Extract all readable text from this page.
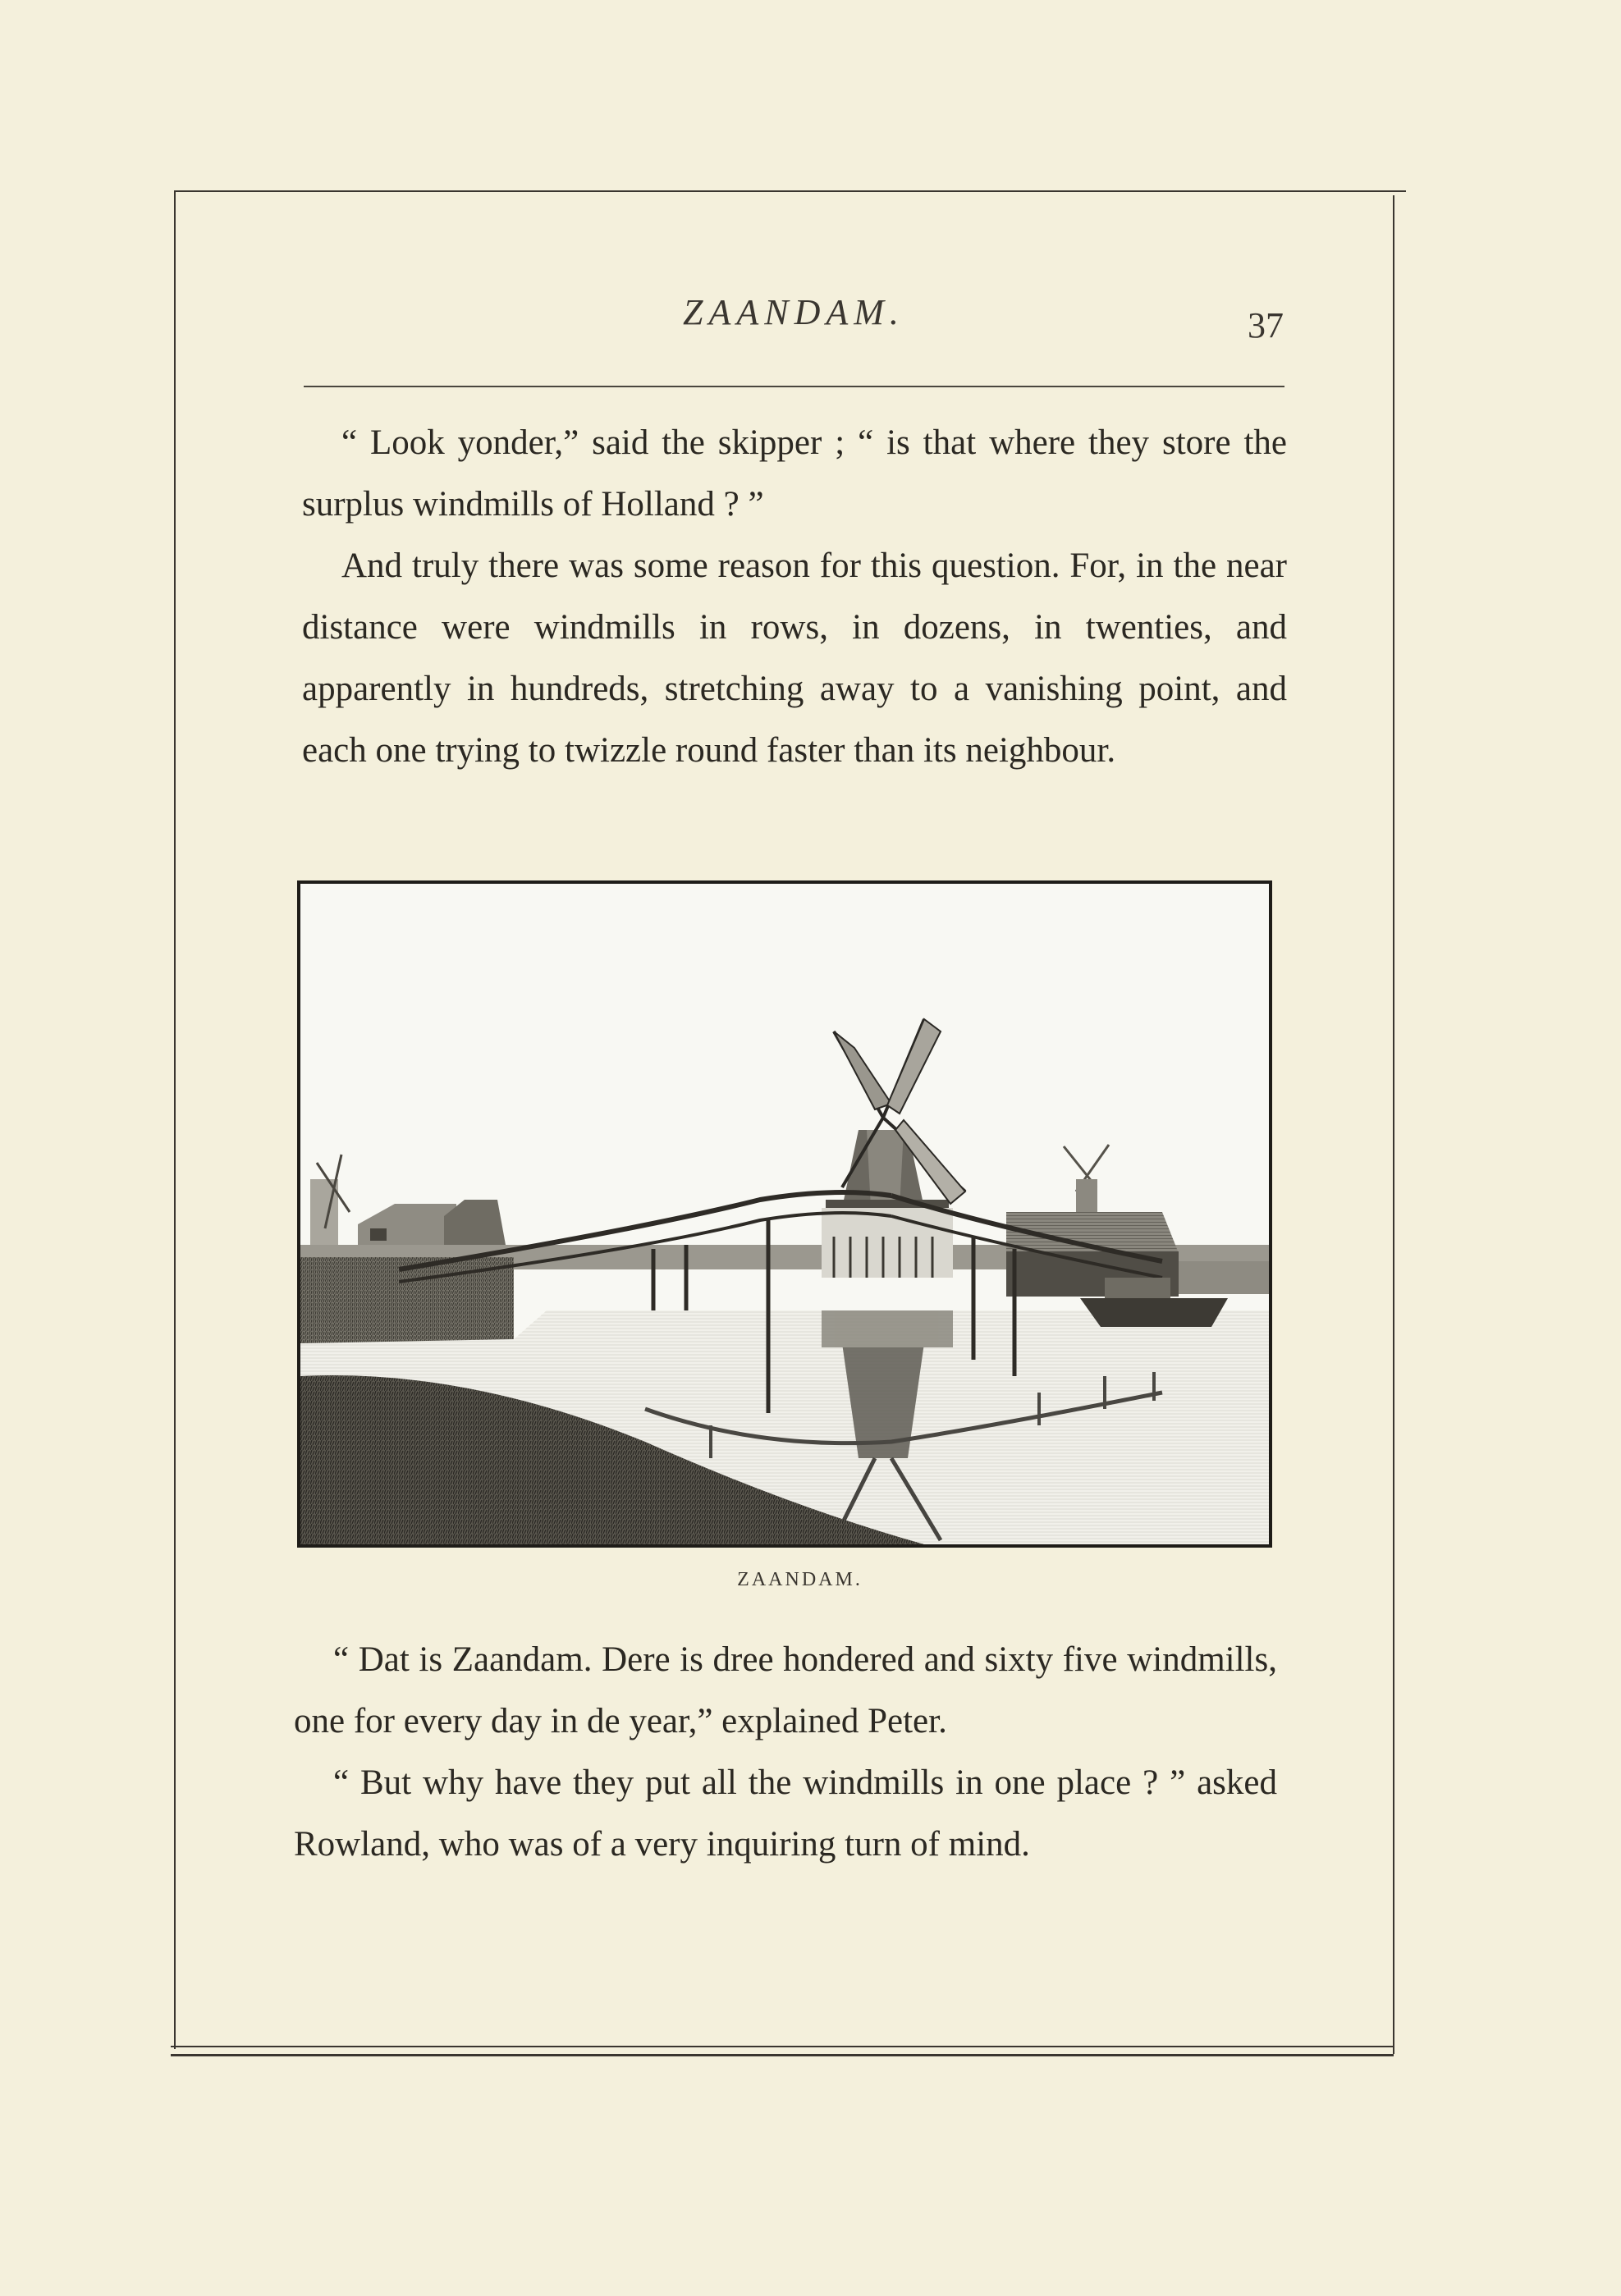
ZAANDAM.	37

“ Look yonder,” said the skipper ; “ is that where they store the surplus windmills of Holland ? ”

And truly there was some reason for this question. For, in the near distance were windmills in rows, in dozens, in twenties, and apparently in hundreds, stretching away to a vanishing point, and each one trying to twizzle round faster than its neighbour.

ZAANDAM.

“ Dat is Zaandam. Dere is dree hondered and sixty five windmills, one for every day in de year,” explained Peter.

“ But why have they put all the windmills in one place ? ” asked Rowland, who was of a very inquiring turn of mind.
